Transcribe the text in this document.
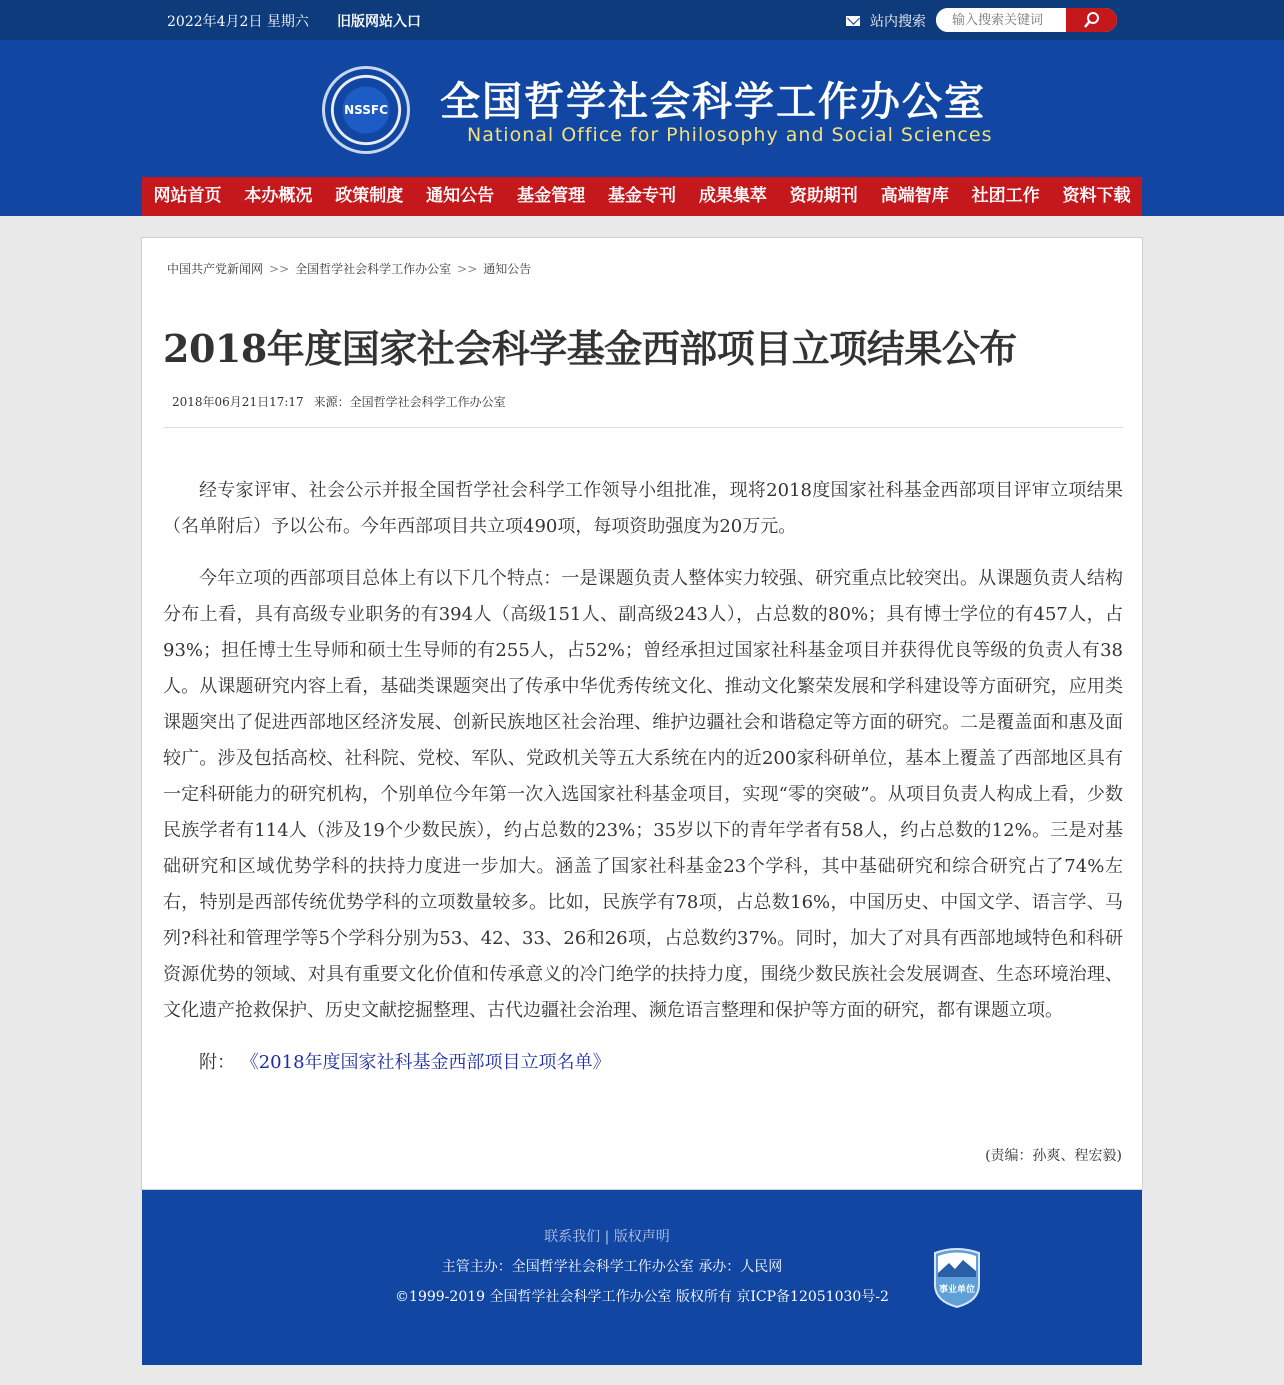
2022年4月2日 星期六 旧版网站入口	站内搜索
输入搜索关键词
NSSFC 全国哲学社会科学工作办公室
National Office for Philosophy and Social Sciences
网站首页	本办概况	政策制度	通知公告	基金管理	基金专刊	成果集萃	资助期刊	高端智库	社团工作	资料下载
中国共产党新闻网 >> 全国哲学社会科学工作办公室 >> 通知公告
2018年度国家社会科学基金西部项目立项结果公布
2018年06月21日17:17 来源：全国哲学社会科学工作办公室

经专家评审、社会公示并报全国哲学社会科学工作领导小组批准，现将2018度国家社科基金西部项目评审立项结果（名单附后）予以公布。今年西部项目共立项490项，每项资助强度为20万元。

今年立项的西部项目总体上有以下几个特点：一是课题负责人整体实力较强、研究重点比较突出。从课题负责人结构分布上看，具有高级专业职务的有394人（高级151人、副高级243人），占总数的80%；具有博士学位的有457人，占93%；担任博士生导师和硕士生导师的有255人，占52%；曾经承担过国家社科基金项目并获得优良等级的负责人有38人。从课题研究内容上看，基础类课题突出了传承中华优秀传统文化、推动文化繁荣发展和学科建设等方面研究，应用类课题突出了促进西部地区经济发展、创新民族地区社会治理、维护边疆社会和谐稳定等方面的研究。二是覆盖面和惠及面较广。涉及包括高校、社科院、党校、军队、党政机关等五大系统在内的近200家科研单位，基本上覆盖了西部地区具有一定科研能力的研究机构，个别单位今年第一次入选国家社科基金项目，实现“零的突破”。从项目负责人构成上看，少数民族学者有114人（涉及19个少数民族），约占总数的23%；35岁以下的青年学者有58人，约占总数的12%。三是对基础研究和区域优势学科的扶持力度进一步加大。涵盖了国家社科基金23个学科，其中基础研究和综合研究占了74%左右，特别是西部传统优势学科的立项数量较多。比如，民族学有78项，占总数16%，中国历史、中国文学、语言学、马列?科社和管理学等5个学科分别为53、42、33、26和26项，占总数约37%。同时，加大了对具有西部地域特色和科研资源优势的领域、对具有重要文化价值和传承意义的冷门绝学的扶持力度，围绕少数民族社会发展调查、生态环境治理、文化遗产抢救保护、历史文献挖掘整理、古代边疆社会治理、濒危语言整理和保护等方面的研究，都有课题立项。

附： 《2018年度国家社科基金西部项目立项名单》

(责编：孙爽、程宏毅)
联系我们 | 版权声明
主管主办：全国哲学社会科学工作办公室 承办：人民网
©1999-2019 全国哲学社会科学工作办公室 版权所有 京ICP备12051030号-2	事业单位
